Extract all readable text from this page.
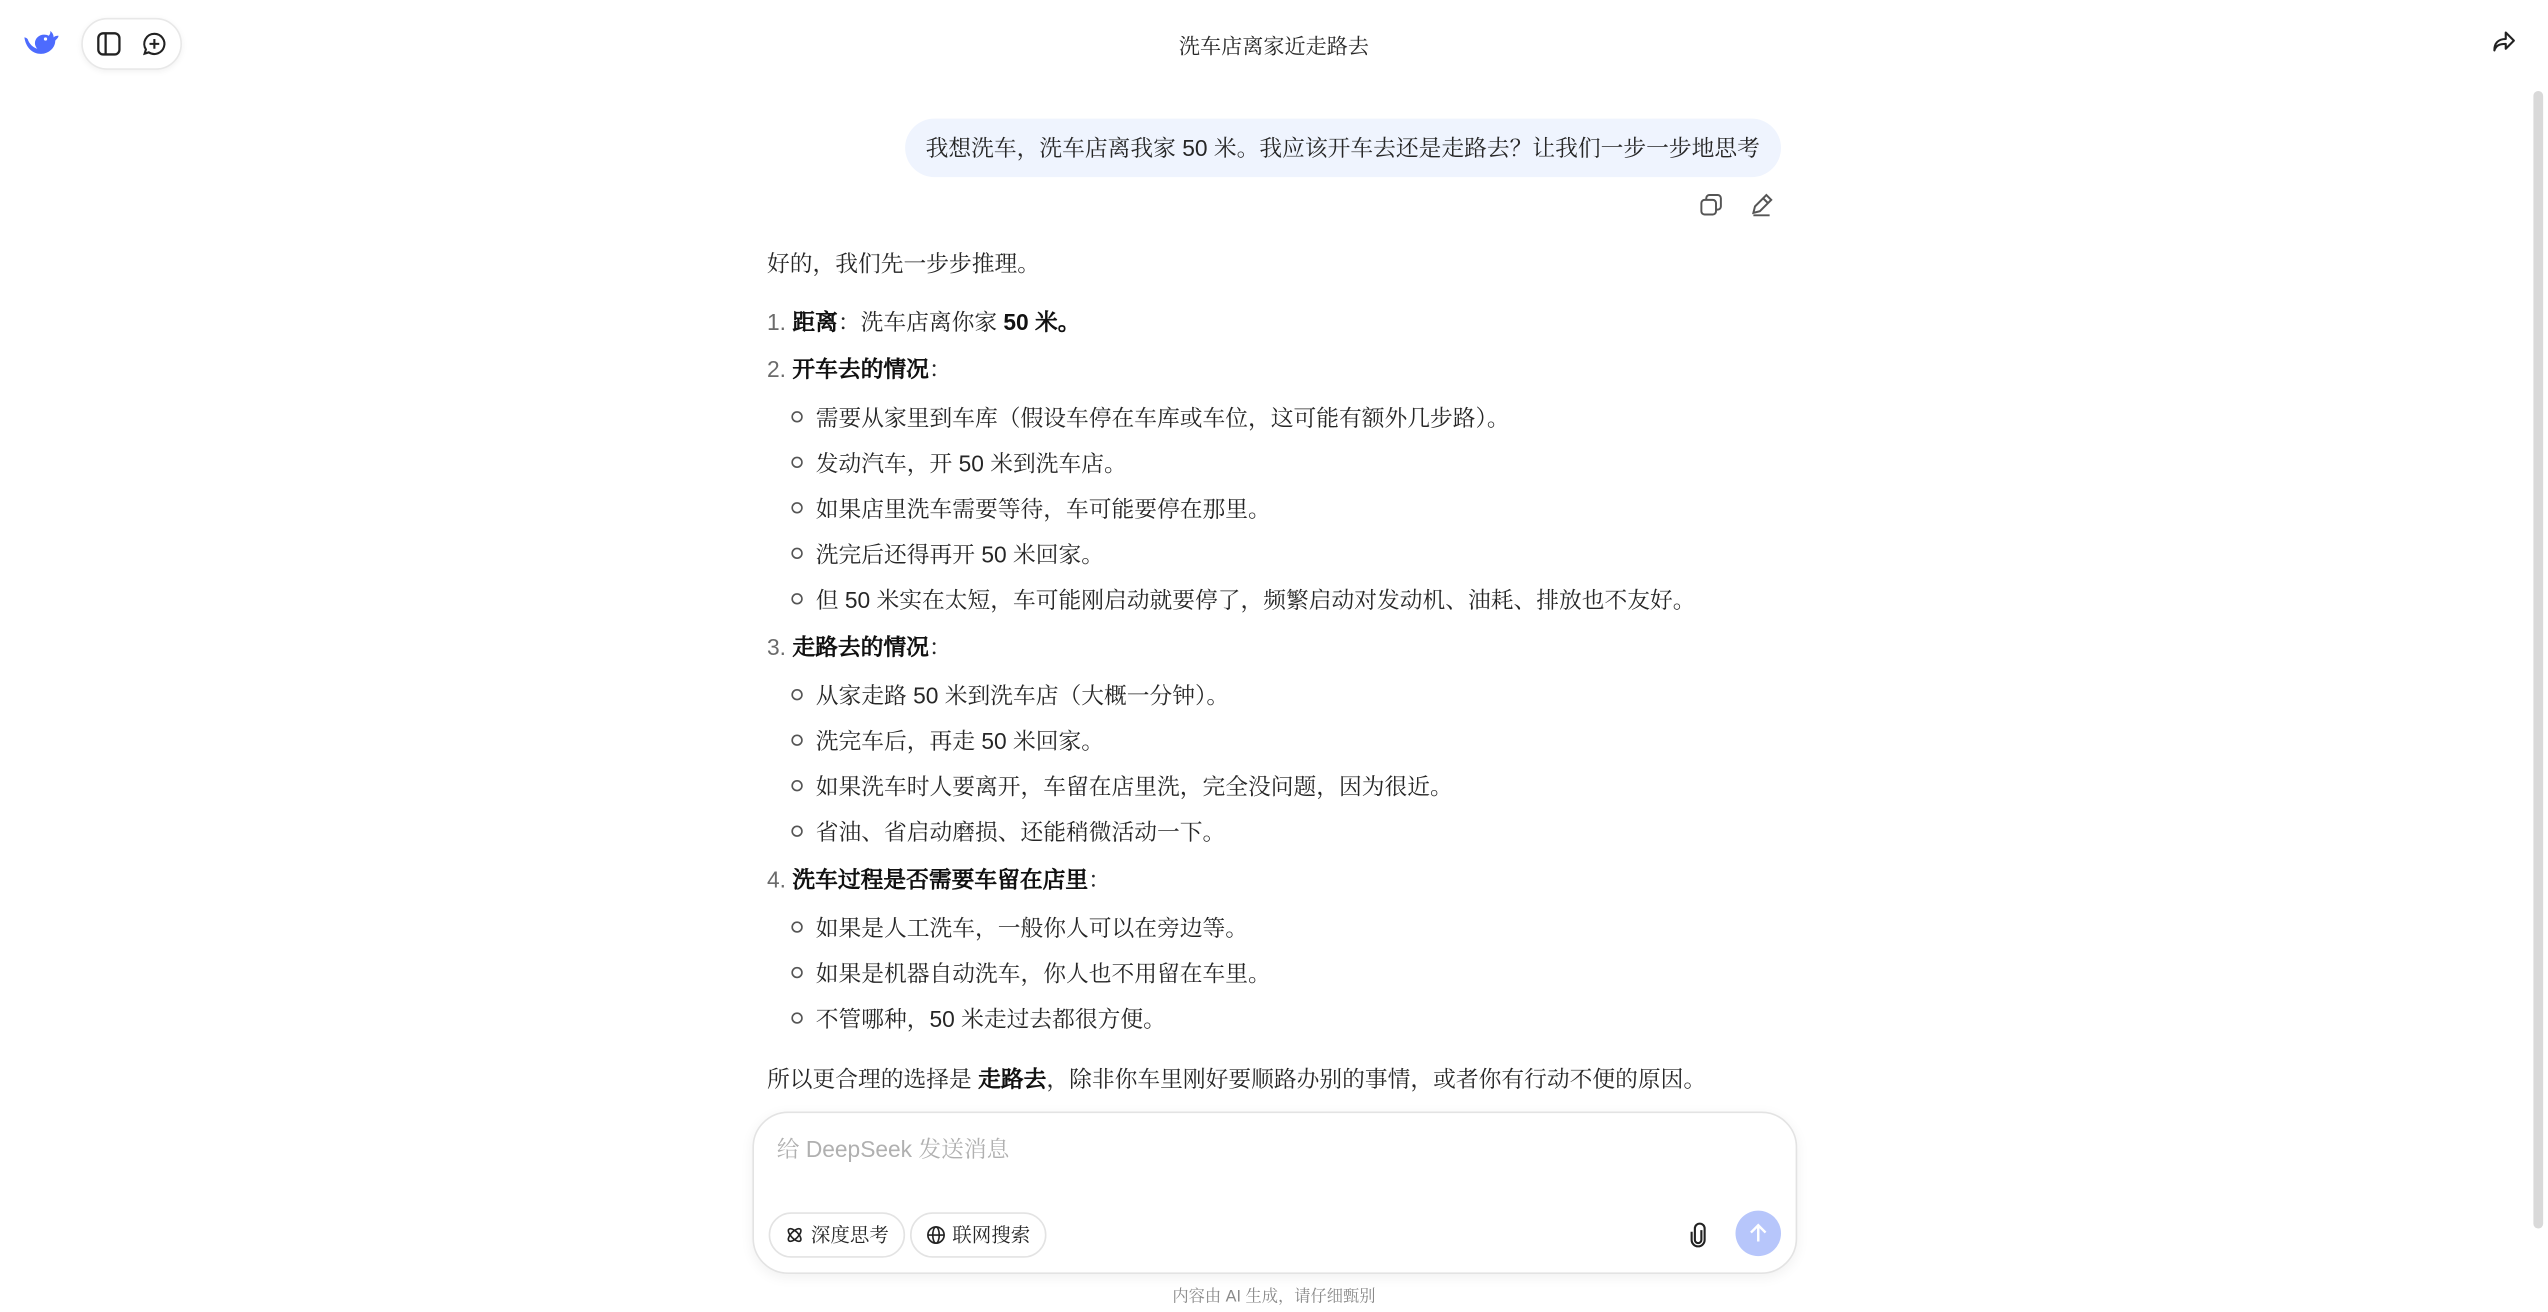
洗车店离家近走路去
我想洗车，洗车店离我家 50 米。我应该开车去还是走路去？让我们一步一步地思考
好的，我们先一步步推理。
1. 距离：洗车店离你家 50 米。
2. 开车去的情况：
需要从家里到车库（假设车停在车库或车位，这可能有额外几步路）。
发动汽车，开 50 米到洗车店。
如果店里洗车需要等待，车可能要停在那里。
洗完后还得再开 50 米回家。
但 50 米实在太短，车可能刚启动就要停了，频繁启动对发动机、油耗、排放也不友好。
3. 走路去的情况：
从家走路 50 米到洗车店（大概一分钟）。
洗完车后，再走 50 米回家。
如果洗车时人要离开，车留在店里洗，完全没问题，因为很近。
省油、省启动磨损、还能稍微活动一下。
4. 洗车过程是否需要车留在店里：
如果是人工洗车，一般你人可以在旁边等。
如果是机器自动洗车，你人也不用留在车里。
不管哪种，50 米走过去都很方便。
所以更合理的选择是 走路去，除非你车里刚好要顺路办别的事情，或者你有行动不便的原因。
给 DeepSeek 发送消息
深度思考	联网搜索
内容由 AI 生成，请仔细甄别
